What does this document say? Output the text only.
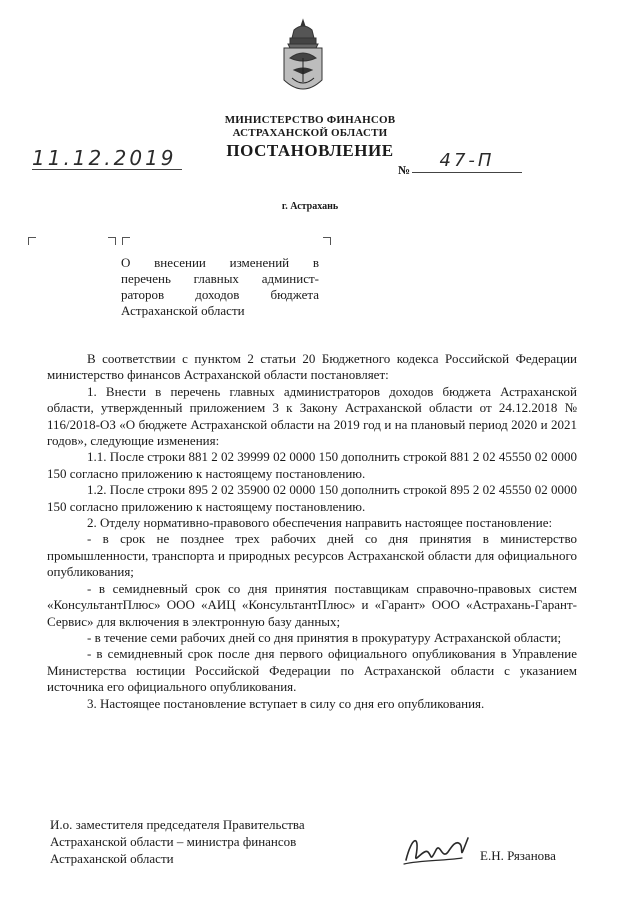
МИНИСТЕРСТВО ФИНАНСОВ
АСТРАХАНСКОЙ ОБЛАСТИ
ПОСТАНОВЛЕНИЕ
11.12.2019	№	47-П
г. Астрахань
О внесении изменений в
перечень главных админист-
раторов доходов бюджета
Астраханской области

В соответствии с пунктом 2 статьи 20 Бюджетного кодекса Российской Федерации министерство финансов Астраханской области постановляет:

1. Внести в перечень главных администраторов доходов бюджета Астраханской области, утвержденный приложением 3 к Закону Астраханской области от 24.12.2018 № 116/2018-ОЗ «О бюджете Астраханской области на 2019 год и на плановый период 2020 и 2021 годов», следующие изменения:

1.1. После строки 881 2 02 39999 02 0000 150 дополнить строкой 881 2 02 45550 02 0000 150 согласно приложению к настоящему постановлению.

1.2. После строки 895 2 02 35900 02 0000 150 дополнить строкой 895 2 02 45550 02 0000 150 согласно приложению к настоящему постановлению.

2. Отделу нормативно-правового обеспечения направить настоящее постановление:

- в срок не позднее трех рабочих дней со дня принятия в министерство промышленности, транспорта и природных ресурсов Астраханской области для официального опубликования;

- в семидневный срок со дня принятия поставщикам справочно-правовых систем «КонсультантПлюс» ООО «АИЦ «КонсультантПлюс» и «Гарант» ООО «Астрахань-Гарант-Сервис» для включения в электронную базу данных;

- в течение семи рабочих дней со дня принятия в прокуратуру Астраханской области;

- в семидневный срок после дня первого официального опубликования в Управление Министерства юстиции Российской Федерации по Астраханской области с указанием источника его официального опубликования.

3. Настоящее постановление вступает в силу со дня его опубликования.

И.о. заместителя председателя Правительства
Астраханской области – министра финансов
Астраханской области	Е.Н. Рязанова
